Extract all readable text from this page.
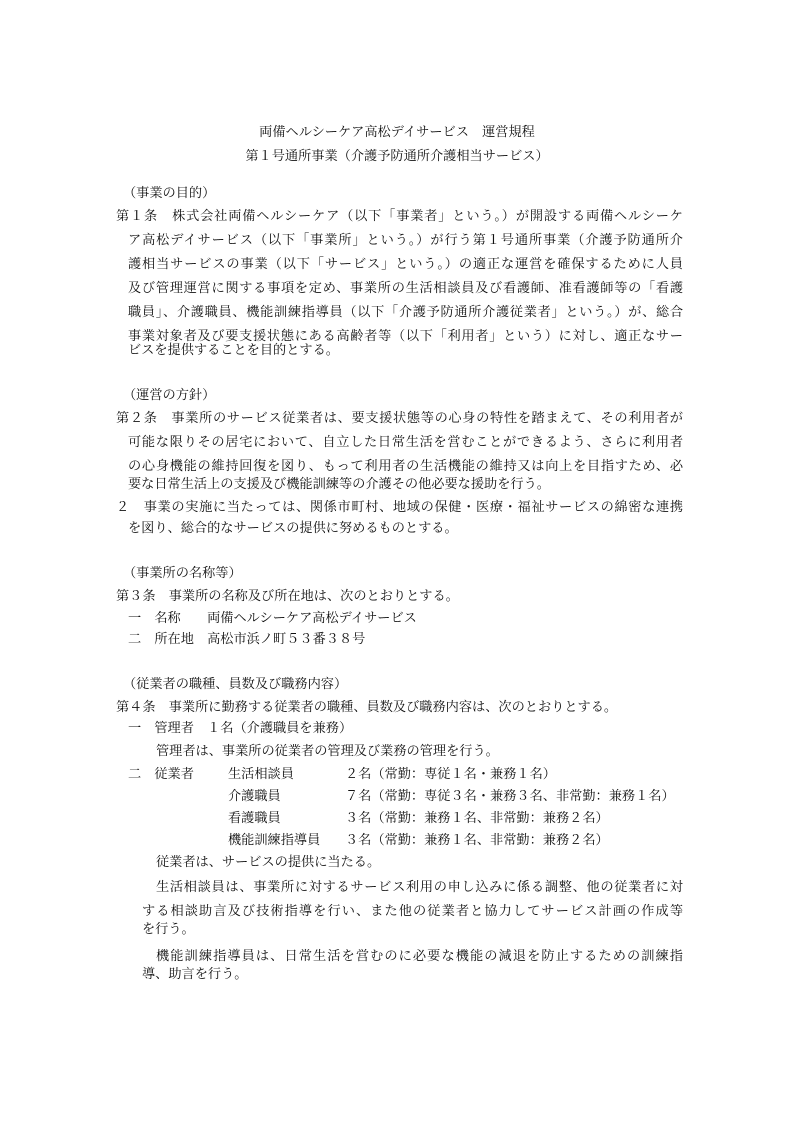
両備ヘルシーケア高松デイサービス　運営規程
第１号通所事業（介護予防通所介護相当サービス）
（事業の目的）
第１条　株式会社両備ヘルシーケア（以下「事業者」という。）が開設する両備ヘルシーケ
ア高松デイサービス（以下「事業所」という。）が行う第１号通所事業（介護予防通所介
護相当サービスの事業（以下「サービス」という。）の適正な運営を確保するために人員
及び管理運営に関する事項を定め、事業所の生活相談員及び看護師、准看護師等の「看護
職員」、介護職員、機能訓練指導員（以下「介護予防通所介護従業者」という。）が、総合
事業対象者及び要支援状態にある高齢者等（以下「利用者」という）に対し、適正なサー
ビスを提供することを目的とする。
（運営の方針）
第２条　事業所のサービス従業者は、要支援状態等の心身の特性を踏まえて、その利用者が
可能な限りその居宅において、自立した日常生活を営むことができるよう、さらに利用者
の心身機能の維持回復を図り、もって利用者の生活機能の維持又は向上を目指すため、必
要な日常生活上の支援及び機能訓練等の介護その他必要な援助を行う。
２　事業の実施に当たっては、関係市町村、地域の保健・医療・福祉サービスの綿密な連携
を図り、総合的なサービスの提供に努めるものとする。
（事業所の名称等）
第３条　事業所の名称及び所在地は、次のとおりとする。
一　名称　　両備ヘルシーケア高松デイサービス
二　所在地　高松市浜ノ町５３番３８号
（従業者の職種、員数及び職務内容）
第４条　事業所に勤務する従業者の職種、員数及び職務内容は、次のとおりとする。
一　管理者　１名（介護職員を兼務）
管理者は、事業所の従業者の管理及び業務の管理を行う。
二　従業者	生活相談員	２名（常勤：専従１名・兼務１名）
介護職員	７名（常勤：専従３名・兼務３名、非常勤：兼務１名）
看護職員	３名（常勤：兼務１名、非常勤：兼務２名）
機能訓練指導員 ３名（常勤：兼務１名、非常勤：兼務２名）
従業者は、サービスの提供に当たる。
生活相談員は、事業所に対するサービス利用の申し込みに係る調整、他の従業者に対
する相談助言及び技術指導を行い、また他の従業者と協力してサービス計画の作成等
を行う。
機能訓練指導員は、日常生活を営むのに必要な機能の減退を防止するための訓練指
導、助言を行う。
